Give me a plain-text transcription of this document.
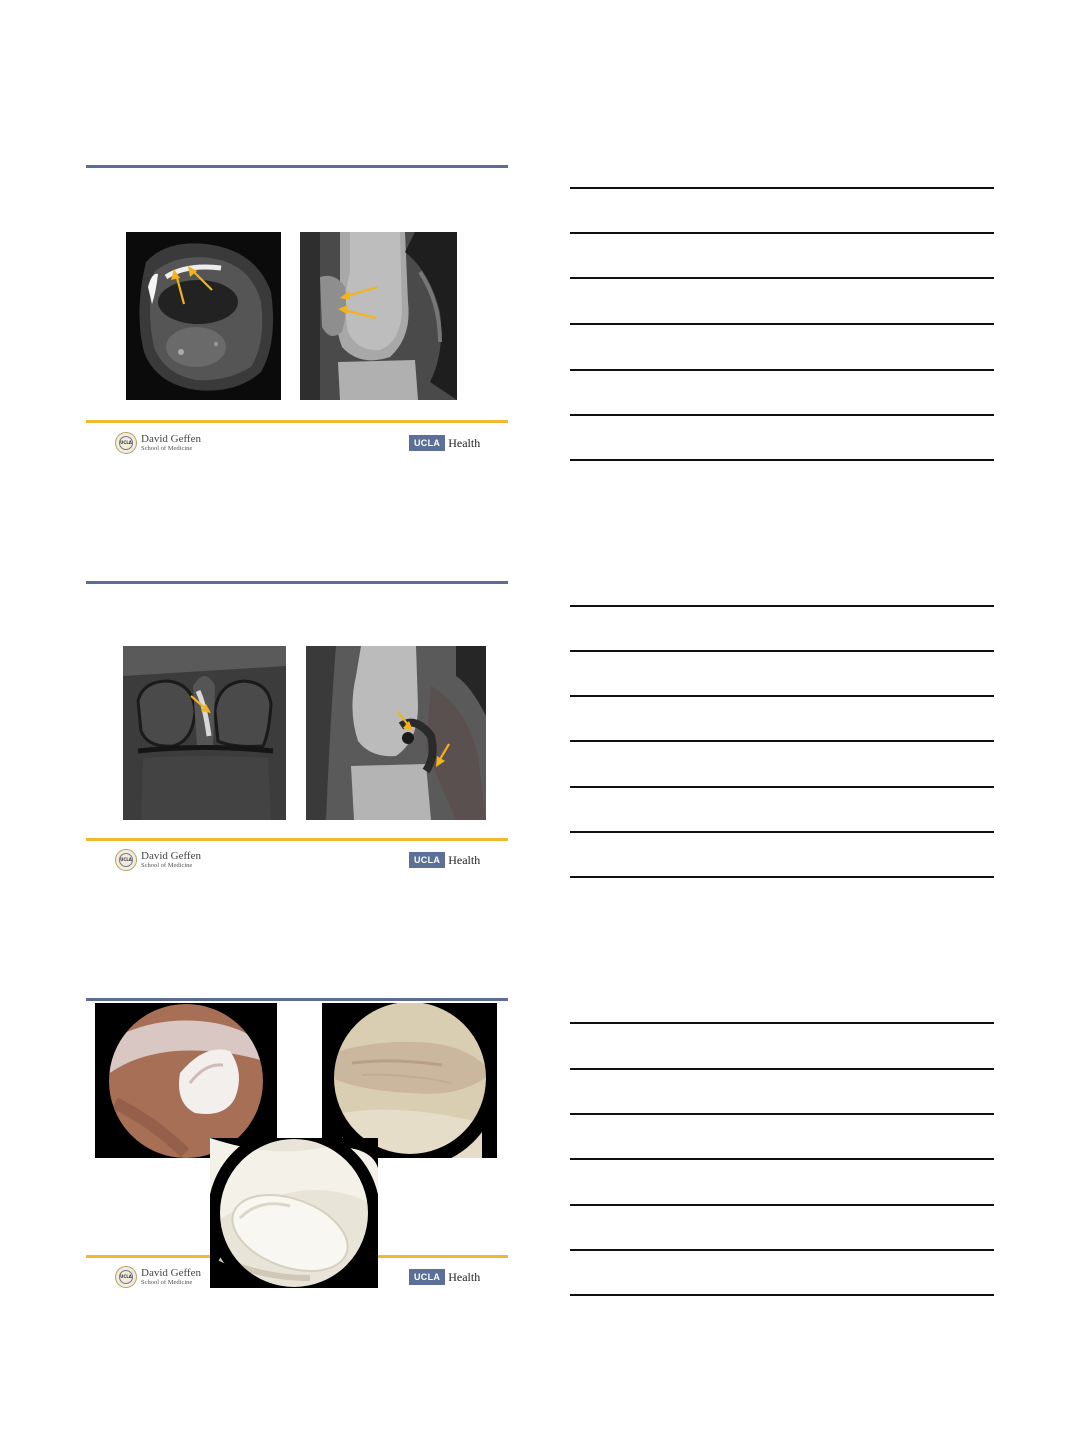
UCLA David Geffen
School of Medicine
UCLA Health
UCLA David Geffen
School of Medicine
UCLA Health
UCLA David Geffen
School of Medicine
UCLA Health
